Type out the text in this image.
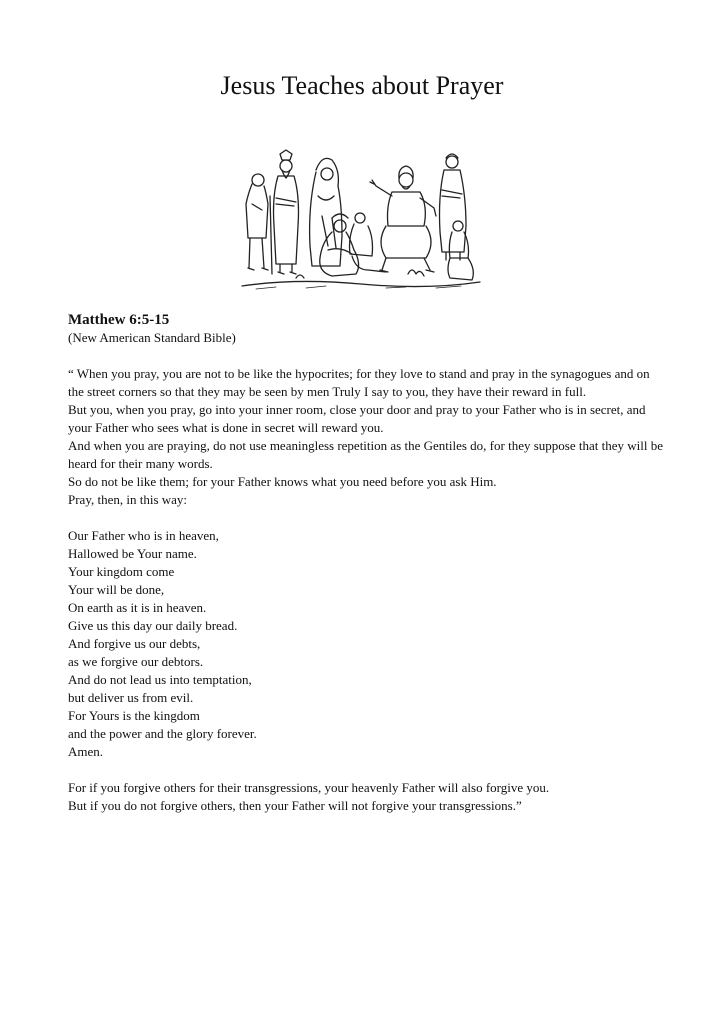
Jesus Teaches about Prayer

Matthew 6:5-15

(New American Standard Bible)

“ When you pray, you are not to be like the hypocrites; for they love to stand and pray in the synagogues and on the street corners so that they may be seen by men Truly I say to you, they have their reward in full.

But you, when you pray, go into your inner room, close your door and pray to your Father who is in secret, and your Father who sees what is done in secret will reward you.

And when you are praying, do not use meaningless repetition as the Gentiles do, for they suppose that they will be heard for their many words.

So do not be like them; for your Father knows what you need before you ask Him.

Pray, then, in this way:

Our Father who is in heaven,
Hallowed be Your name.
Your kingdom come
Your will be done,
On earth as it is in heaven.
Give us this day our daily bread.
And forgive us our debts,
as we forgive our debtors.
And do not lead us into temptation,
but deliver us from evil.
For Yours is the kingdom
and the power and the glory forever.
Amen.
For if you forgive others for their transgressions, your heavenly Father will also forgive you.
But if you do not forgive others, then your Father will not forgive your transgressions.”
